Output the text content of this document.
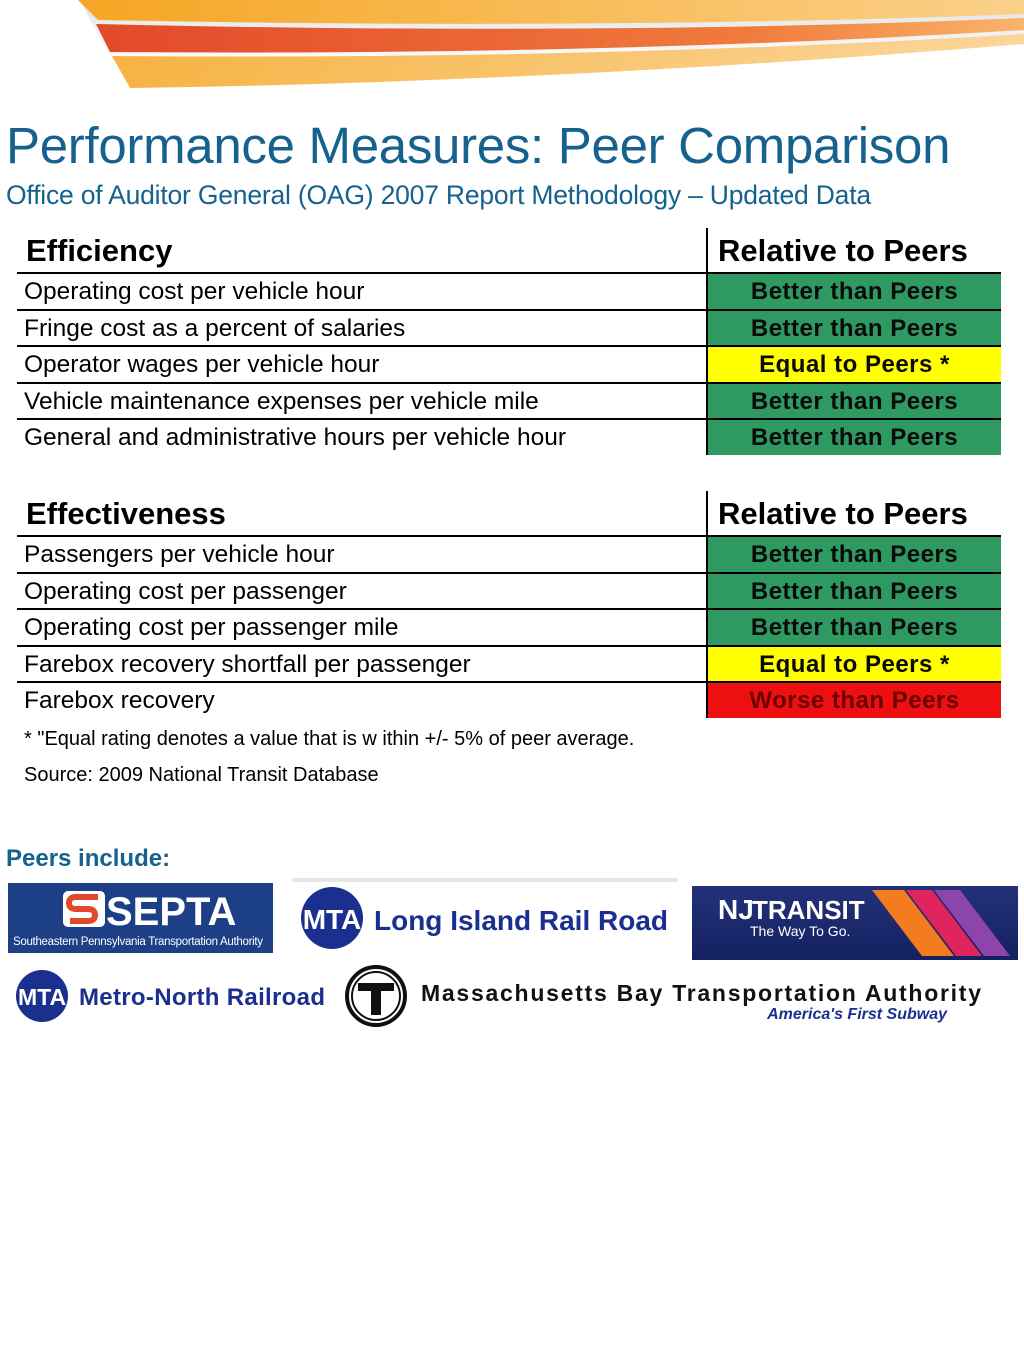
Performance Measures: Peer Comparison
Office of Auditor General (OAG) 2007 Report Methodology – Updated Data
Efficiency	Relative to Peers
Operating cost per vehicle hour	Better than Peers
Fringe cost as a percent of salaries	Better than Peers
Operator wages per vehicle hour	Equal to Peers *
Vehicle maintenance expenses per vehicle mile	Better than Peers
General and administrative hours per vehicle hour	Better than Peers
Effectiveness	Relative to Peers
Passengers per vehicle hour	Better than Peers
Operating cost per passenger	Better than Peers
Operating cost per passenger mile	Better than Peers
Farebox recovery shortfall per passenger	Equal to Peers *
Farebox recovery	Worse than Peers
* "Equal rating denotes a value that is w ithin +/- 5% of peer average.
Source: 2009 National Transit Database
Peers include:
SEPTA
Southeastern Pennsylvania Transportation Authority
MTA Long Island Rail Road NJ
TRANSIT
The Way To Go.
MTA Metro-North Railroad	Massachusetts Bay Transportation Authority
America's First Subway
